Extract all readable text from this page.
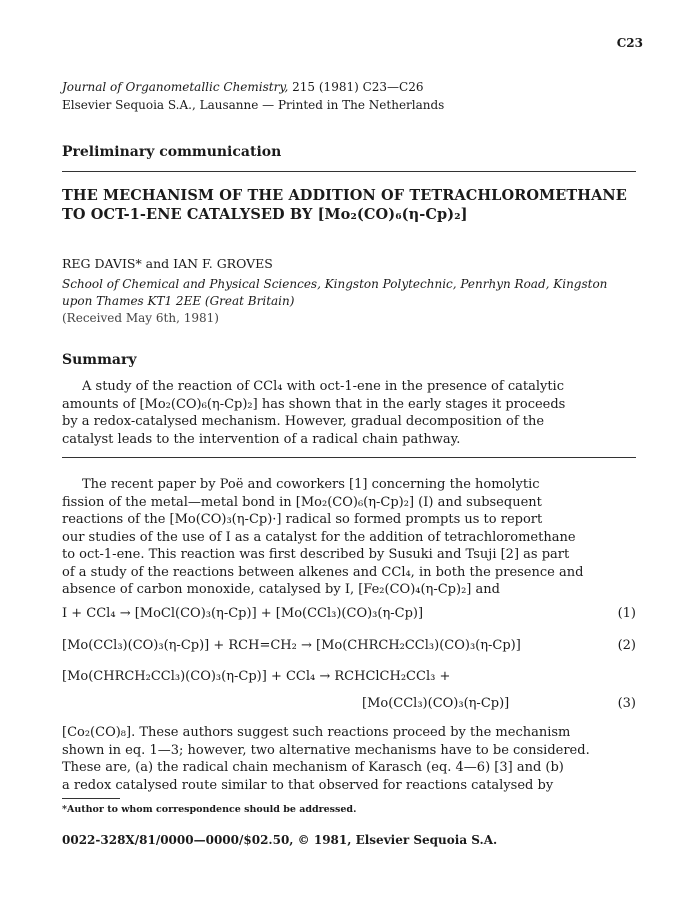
C23
Journal of Organometallic Chemistry, 215 (1981) C23—C26
Elsevier Sequoia S.A., Lausanne — Printed in The Netherlands
Preliminary communication
THE MECHANISM OF THE ADDITION OF TETRACHLOROMETHANE
TO OCT-1-ENE CATALYSED BY [Mo₂(CO)₆(η-Cp)₂]
REG DAVIS* and IAN F. GROVES
School of Chemical and Physical Sciences, Kingston Polytechnic, Penrhyn Road, Kingston
upon Thames KT1 2EE (Great Britain)
(Received May 6th, 1981)
Summary

A study of the reaction of CCl₄ with oct-1-ene in the presence of catalytic

amounts of [Mo₂(CO)₆(η-Cp)₂] has shown that in the early stages it proceeds

by a redox-catalysed mechanism. However, gradual decomposition of the

catalyst leads to the intervention of a radical chain pathway.

The recent paper by Poë and coworkers [1] concerning the homolytic

fission of the metal—metal bond in [Mo₂(CO)₆(η-Cp)₂] (I) and subsequent

reactions of the [Mo(CO)₃(η-Cp)·] radical so formed prompts us to report

our studies of the use of I as a catalyst for the addition of tetrachloromethane

to oct-1-ene. This reaction was first described by Susuki and Tsuji [2] as part

of a study of the reactions between alkenes and CCl₄, in both the presence and

absence of carbon monoxide, catalysed by I, [Fe₂(CO)₄(η-Cp)₂] and

I + CCl₄ → [MoCl(CO)₃(η-Cp)] + [Mo(CCl₃)(CO)₃(η-Cp)]	(1)
[Mo(CCl₃)(CO)₃(η-Cp)] + RCH=CH₂ → [Mo(CHRCH₂CCl₃)(CO)₃(η-Cp)]	(2)
[Mo(CHRCH₂CCl₃)(CO)₃(η-Cp)] + CCl₄ → RCHClCH₂CCl₃ +
[Mo(CCl₃)(CO)₃(η-Cp)]	(3)

[Co₂(CO)₈]. These authors suggest such reactions proceed by the mechanism

shown in eq. 1—3; however, two alternative mechanisms have to be considered.

These are, (a) the radical chain mechanism of Karasch (eq. 4—6) [3] and (b)

a redox catalysed route similar to that observed for reactions catalysed by

*Author to whom correspondence should be addressed.
0022-328X/81/0000—0000/$02.50, © 1981, Elsevier Sequoia S.A.
